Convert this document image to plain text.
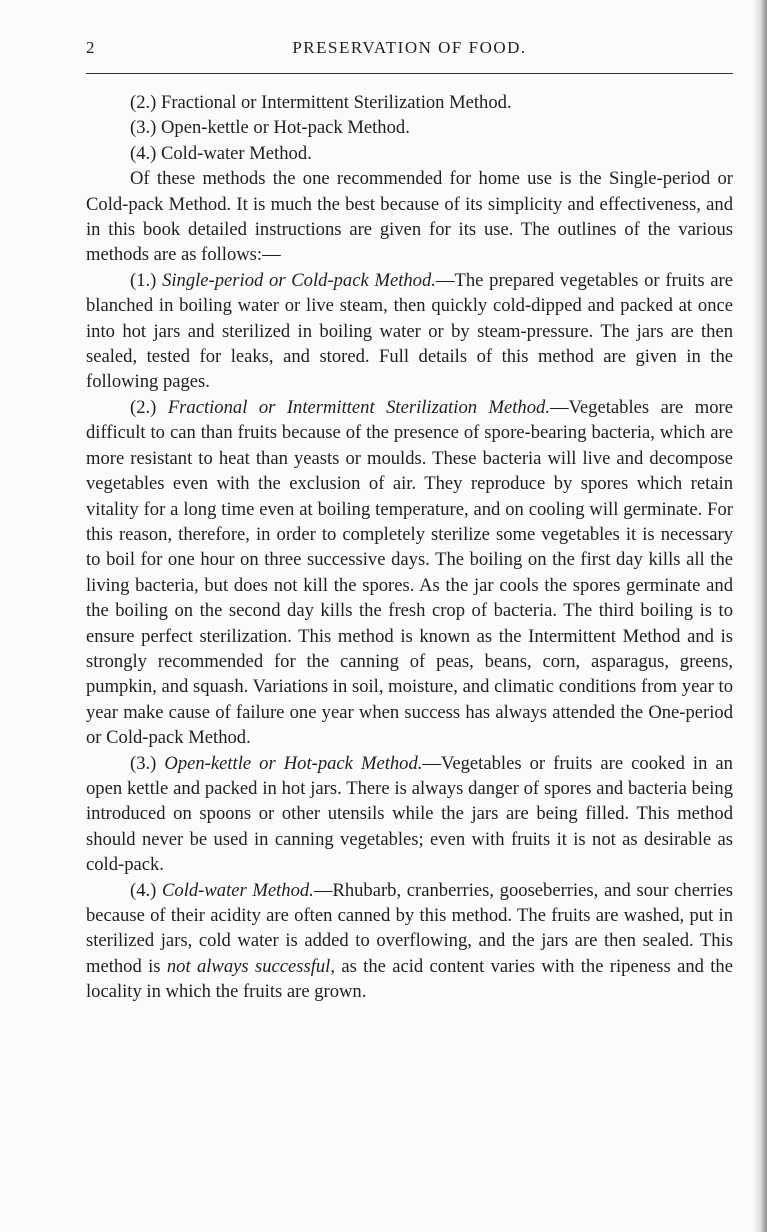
2	PRESERVATION OF FOOD.

(2.) Fractional or Intermittent Sterilization Method.

(3.) Open-kettle or Hot-pack Method.

(4.) Cold-water Method.

Of these methods the one recommended for home use is the Single-period or Cold-pack Method. It is much the best because of its simplicity and effectiveness, and in this book detailed instructions are given for its use. The outlines of the various methods are as follows:—

(1.) Single-period or Cold-pack Method.—The prepared vegetables or fruits are blanched in boiling water or live steam, then quickly cold-dipped and packed at once into hot jars and sterilized in boiling water or by steam-pressure. The jars are then sealed, tested for leaks, and stored. Full details of this method are given in the following pages.

(2.) Fractional or Intermittent Sterilization Method.—Vegetables are more difficult to can than fruits because of the presence of spore-bearing bacteria, which are more resistant to heat than yeasts or moulds. These bacteria will live and decompose vegetables even with the exclusion of air. They reproduce by spores which retain vitality for a long time even at boiling temperature, and on cooling will germinate. For this reason, therefore, in order to completely sterilize some vegetables it is necessary to boil for one hour on three successive days. The boiling on the first day kills all the living bacteria, but does not kill the spores. As the jar cools the spores germinate and the boiling on the second day kills the fresh crop of bacteria. The third boiling is to ensure perfect sterilization. This method is known as the Intermittent Method and is strongly recommended for the canning of peas, beans, corn, asparagus, greens, pumpkin, and squash. Variations in soil, moisture, and climatic conditions from year to year make cause of failure one year when success has always attended the One-period or Cold-pack Method.

(3.) Open-kettle or Hot-pack Method.—Vegetables or fruits are cooked in an open kettle and packed in hot jars. There is always danger of spores and bacteria being introduced on spoons or other utensils while the jars are being filled. This method should never be used in canning vegetables; even with fruits it is not as desirable as cold-pack.

(4.) Cold-water Method.—Rhubarb, cranberries, gooseberries, and sour cherries because of their acidity are often canned by this method. The fruits are washed, put in sterilized jars, cold water is added to overflowing, and the jars are then sealed. This method is not always successful, as the acid content varies with the ripeness and the locality in which the fruits are grown.
